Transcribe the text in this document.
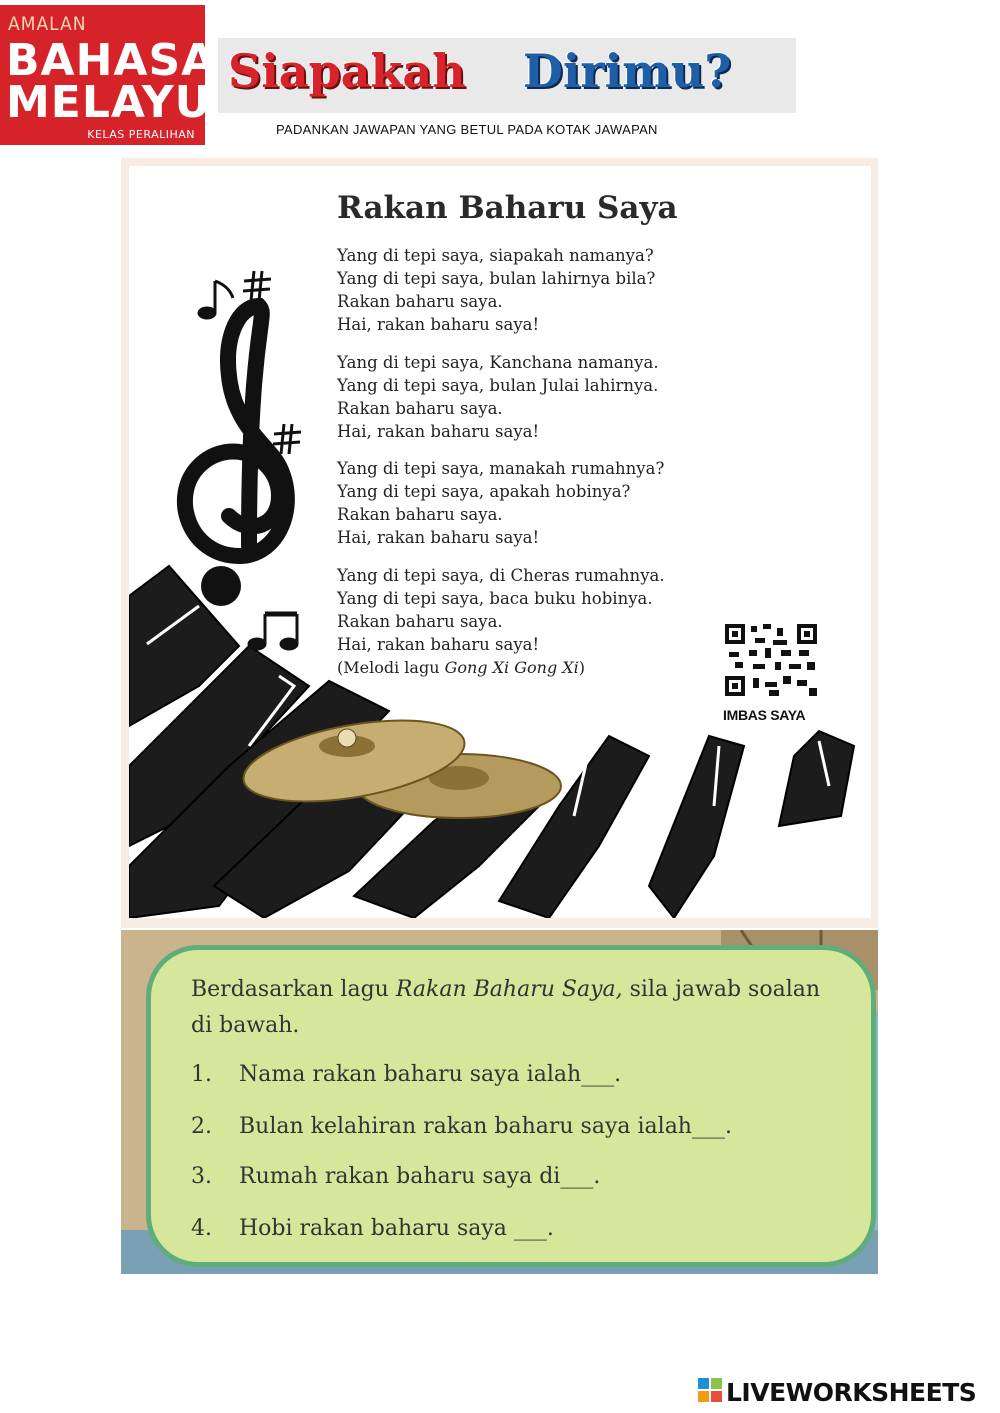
AMALAN
BAHASA
MELAYU
KELAS PERALIHAN
Siapakah Dirimu?
PADANKAN JAWAPAN YANG BETUL PADA KOTAK JAWAPAN
Rakan Baharu Saya
Yang di tepi saya, siapakah namanya?
Yang di tepi saya, bulan lahirnya bila?
Rakan baharu saya.
Hai, rakan baharu saya!
Yang di tepi saya, Kanchana namanya.
Yang di tepi saya, bulan Julai lahirnya.
Rakan baharu saya.
Hai, rakan baharu saya!
Yang di tepi saya, manakah rumahnya?
Yang di tepi saya, apakah hobinya?
Rakan baharu saya.
Hai, rakan baharu saya!
Yang di tepi saya, di Cheras rumahnya.
Yang di tepi saya, baca buku hobinya.
Rakan baharu saya.
Hai, rakan baharu saya!
(Melodi lagu Gong Xi Gong Xi)
IMBAS SAYA
Berdasarkan lagu Rakan Baharu Saya, sila jawab soalan di bawah.
1. Nama rakan baharu saya ialah___.
2. Bulan kelahiran rakan baharu saya ialah___.
3. Rumah rakan baharu saya di___.
4. Hobi rakan baharu saya ___.
LIVEWORKSHEETS
